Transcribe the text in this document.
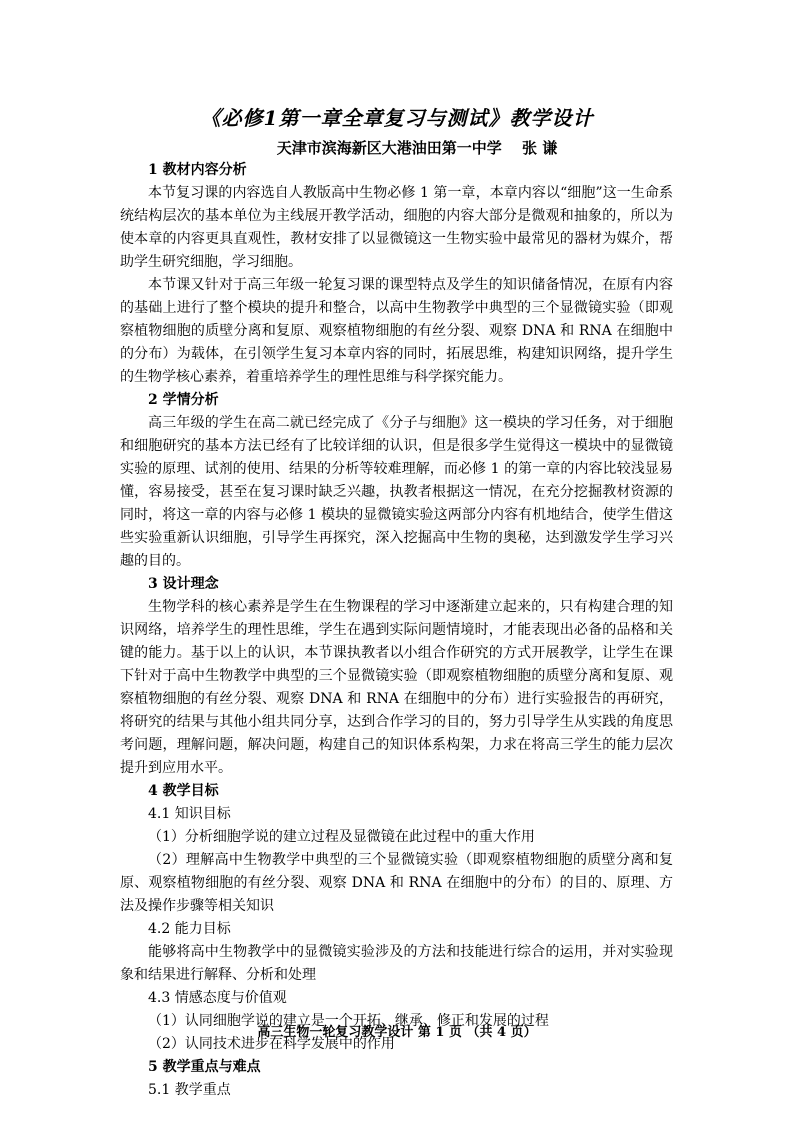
《必修1第一章全章复习与测试》教学设计
天津市滨海新区大港油田第一中学　 张 谦
1 教材内容分析
本节复习课的内容选自人教版高中生物必修 1 第一章，本章内容以“细胞”这一生命系统结构层次的基本单位为主线展开教学活动，细胞的内容大部分是微观和抽象的，所以为使本章的内容更具直观性，教材安排了以显微镜这一生物实验中最常见的器材为媒介，帮助学生研究细胞，学习细胞。
本节课又针对于高三年级一轮复习课的课型特点及学生的知识储备情况，在原有内容的基础上进行了整个模块的提升和整合，以高中生物教学中典型的三个显微镜实验（即观察植物细胞的质壁分离和复原、观察植物细胞的有丝分裂、观察 DNA 和 RNA 在细胞中的分布）为载体，在引领学生复习本章内容的同时，拓展思维，构建知识网络，提升学生的生物学核心素养，着重培养学生的理性思维与科学探究能力。
2 学情分析
高三年级的学生在高二就已经完成了《分子与细胞》这一模块的学习任务，对于细胞和细胞研究的基本方法已经有了比较详细的认识，但是很多学生觉得这一模块中的显微镜实验的原理、试剂的使用、结果的分析等较难理解，而必修 1 的第一章的内容比较浅显易懂，容易接受，甚至在复习课时缺乏兴趣，执教者根据这一情况，在充分挖掘教材资源的同时，将这一章的内容与必修 1 模块的显微镜实验这两部分内容有机地结合，使学生借这些实验重新认识细胞，引导学生再探究，深入挖掘高中生物的奥秘，达到激发学生学习兴趣的目的。
3 设计理念
生物学科的核心素养是学生在生物课程的学习中逐渐建立起来的，只有构建合理的知识网络，培养学生的理性思维，学生在遇到实际问题情境时，才能表现出必备的品格和关键的能力。基于以上的认识，本节课执教者以小组合作研究的方式开展教学，让学生在课下针对于高中生物教学中典型的三个显微镜实验（即观察植物细胞的质壁分离和复原、观察植物细胞的有丝分裂、观察 DNA 和 RNA 在细胞中的分布）进行实验报告的再研究，将研究的结果与其他小组共同分享，达到合作学习的目的，努力引导学生从实践的角度思考问题，理解问题，解决问题，构建自己的知识体系构架，力求在将高三学生的能力层次提升到应用水平。
4 教学目标
4.1 知识目标
（1）分析细胞学说的建立过程及显微镜在此过程中的重大作用
（2）理解高中生物教学中典型的三个显微镜实验（即观察植物细胞的质壁分离和复原、观察植物细胞的有丝分裂、观察 DNA 和 RNA 在细胞中的分布）的目的、原理、方法及操作步骤等相关知识
4.2 能力目标
能够将高中生物教学中的显微镜实验涉及的方法和技能进行综合的运用，并对实验现象和结果进行解释、分析和处理
4.3 情感态度与价值观
（1）认同细胞学说的建立是一个开拓、继承、修正和发展的过程
（2）认同技术进步在科学发展中的作用
5 教学重点与难点
5.1 教学重点
高三生物一轮复习教学设计 第 1 页 （共 4 页）
